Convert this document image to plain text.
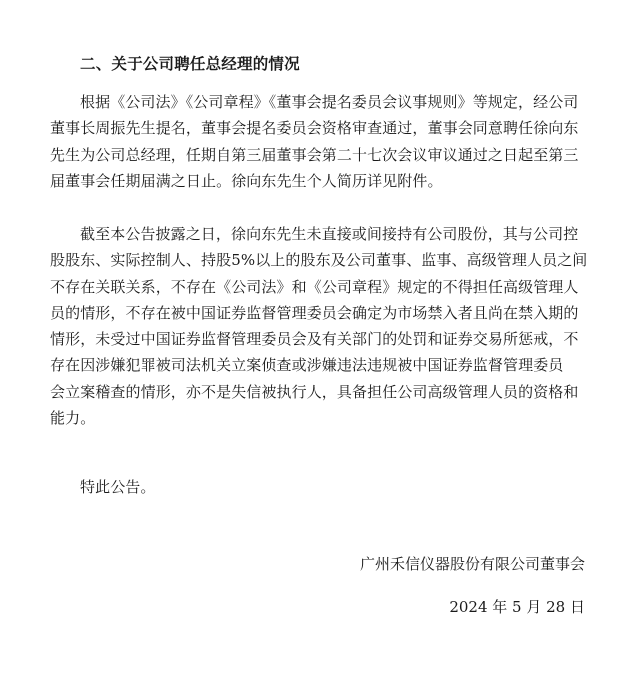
二、关于公司聘任总经理的情况
根据《公司法》《公司章程》《董事会提名委员会议事规则》等规定，经公司
董事长周振先生提名，董事会提名委员会资格审查通过，董事会同意聘任徐向东
先生为公司总经理，任期自第三届董事会第二十七次会议审议通过之日起至第三
届董事会任期届满之日止。徐向东先生个人简历详见附件。
截至本公告披露之日，徐向东先生未直接或间接持有公司股份，其与公司控
股股东、实际控制人、持股5%以上的股东及公司董事、监事、高级管理人员之间
不存在关联关系，不存在《公司法》和《公司章程》规定的不得担任高级管理人
员的情形，不存在被中国证券监督管理委员会确定为市场禁入者且尚在禁入期的
情形，未受过中国证券监督管理委员会及有关部门的处罚和证券交易所惩戒，不
存在因涉嫌犯罪被司法机关立案侦查或涉嫌违法违规被中国证券监督管理委员
会立案稽查的情形，亦不是失信被执行人，具备担任公司高级管理人员的资格和
能力。
特此公告。
广州禾信仪器股份有限公司董事会
2024 年 5 月 28 日
